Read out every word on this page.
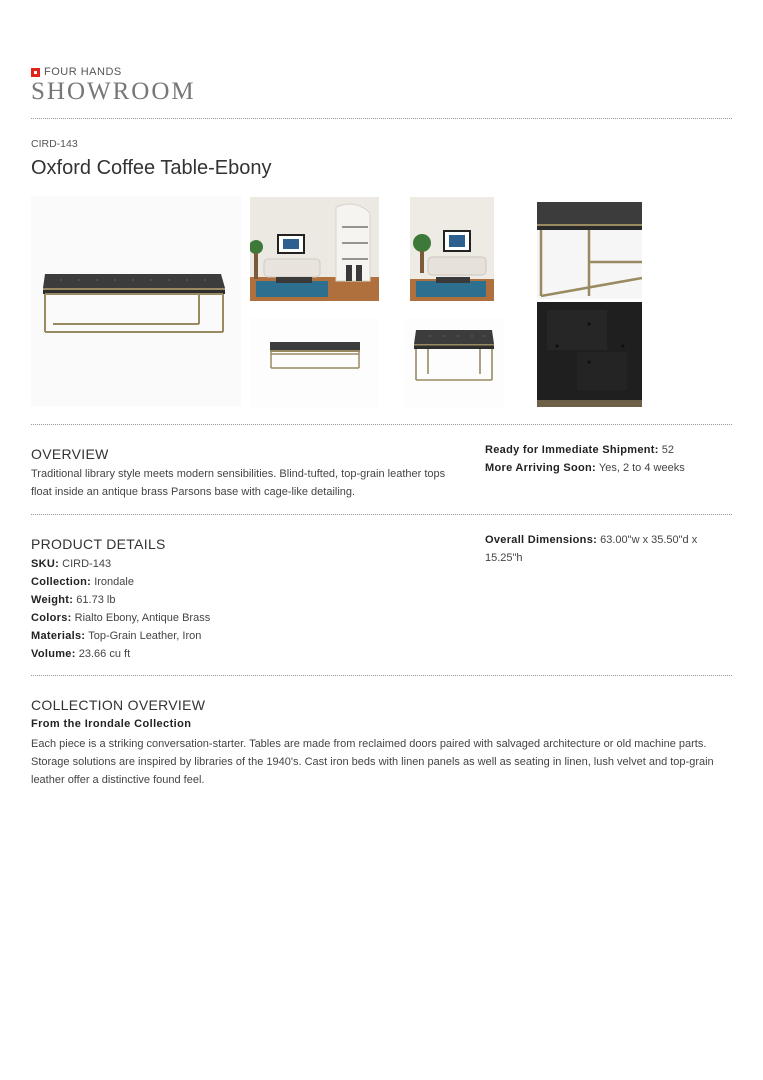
FOUR HANDS
SHOWROOM
CIRD-143
Oxford Coffee Table-Ebony
OVERVIEW
Traditional library style meets modern sensibilities. Blind-tufted, top-grain leather tops float inside an antique brass Parsons base with cage-like detailing.
Ready for Immediate Shipment: 52
More Arriving Soon: Yes, 2 to 4 weeks
PRODUCT DETAILS
SKU: CIRD-143
Collection: Irondale
Weight: 61.73 lb
Colors: Rialto Ebony, Antique Brass
Materials: Top-Grain Leather, Iron
Volume: 23.66 cu ft
Overall Dimensions: 63.00"w x 35.50"d x 15.25"h
COLLECTION OVERVIEW
From the Irondale Collection
Each piece is a striking conversation-starter. Tables are made from reclaimed doors paired with salvaged architecture or old machine parts. Storage solutions are inspired by libraries of the 1940's. Cast iron beds with linen panels as well as seating in linen, lush velvet and top-grain leather offer a distinctive found feel.
